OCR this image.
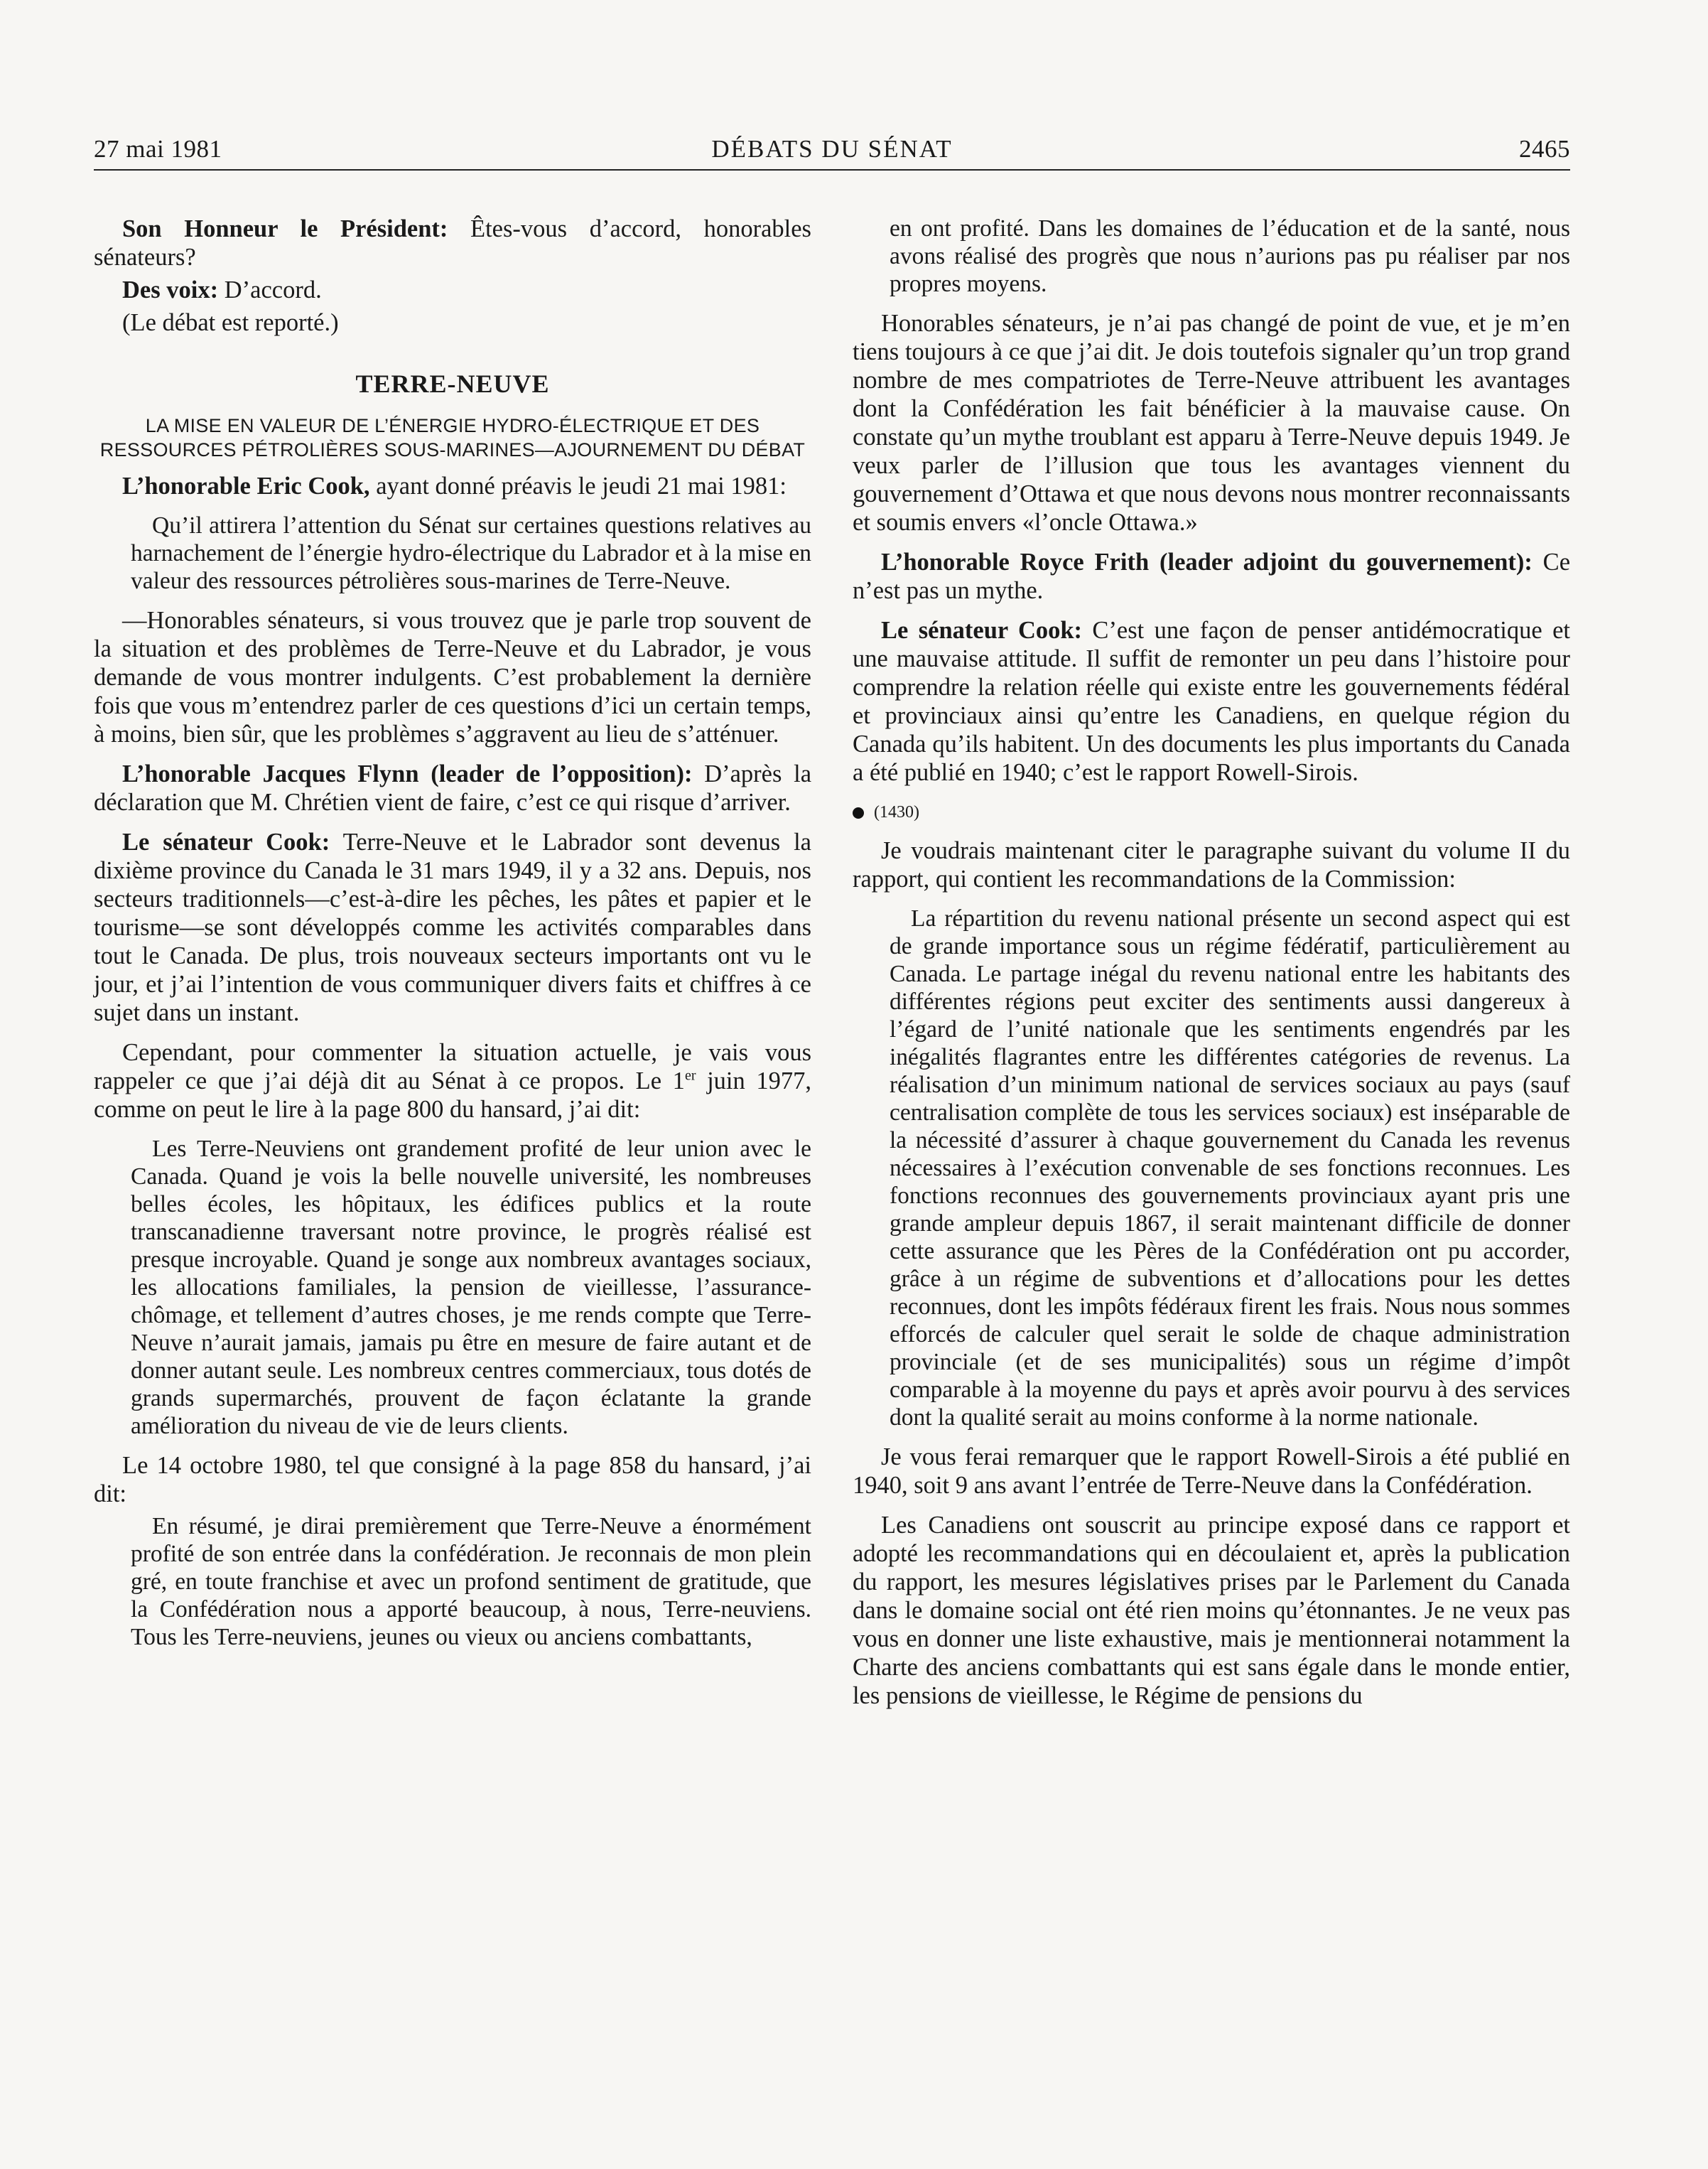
27 mai 1981	DÉBATS DU SÉNAT	2465

Son Honneur le Président: Êtes-vous d’accord, honorables sénateurs?

Des voix: D’accord.

(Le débat est reporté.)

TERRE-NEUVE
LA MISE EN VALEUR DE L’ÉNERGIE HYDRO-ÉLECTRIQUE ET DES RESSOURCES PÉTROLIÈRES SOUS-MARINES—AJOURNEMENT DU DÉBAT

L’honorable Eric Cook, ayant donné préavis le jeudi 21 mai 1981:

Qu’il attirera l’attention du Sénat sur certaines questions relatives au harnachement de l’énergie hydro-électrique du Labrador et à la mise en valeur des ressources pétrolières sous-marines de Terre-Neuve.

—Honorables sénateurs, si vous trouvez que je parle trop souvent de la situation et des problèmes de Terre-Neuve et du Labrador, je vous demande de vous montrer indulgents. C’est probablement la dernière fois que vous m’entendrez parler de ces questions d’ici un certain temps, à moins, bien sûr, que les problèmes s’aggravent au lieu de s’atténuer.

L’honorable Jacques Flynn (leader de l’opposition): D’après la déclaration que M. Chrétien vient de faire, c’est ce qui risque d’arriver.

Le sénateur Cook: Terre-Neuve et le Labrador sont devenus la dixième province du Canada le 31 mars 1949, il y a 32 ans. Depuis, nos secteurs traditionnels—c’est-à-dire les pêches, les pâtes et papier et le tourisme—se sont développés comme les activités comparables dans tout le Canada. De plus, trois nouveaux secteurs importants ont vu le jour, et j’ai l’intention de vous communiquer divers faits et chiffres à ce sujet dans un instant.

Cependant, pour commenter la situation actuelle, je vais vous rappeler ce que j’ai déjà dit au Sénat à ce propos. Le 1er juin 1977, comme on peut le lire à la page 800 du hansard, j’ai dit:

Les Terre-Neuviens ont grandement profité de leur union avec le Canada. Quand je vois la belle nouvelle université, les nombreuses belles écoles, les hôpitaux, les édifices publics et la route transcanadienne traversant notre province, le progrès réalisé est presque incroyable. Quand je songe aux nombreux avantages sociaux, les allocations familiales, la pension de vieillesse, l’assurance-chômage, et tellement d’autres choses, je me rends compte que Terre-Neuve n’aurait jamais, jamais pu être en mesure de faire autant et de donner autant seule. Les nombreux centres commerciaux, tous dotés de grands supermarchés, prouvent de façon éclatante la grande amélioration du niveau de vie de leurs clients.

Le 14 octobre 1980, tel que consigné à la page 858 du hansard, j’ai dit:

En résumé, je dirai premièrement que Terre-Neuve a énormément profité de son entrée dans la confédération. Je reconnais de mon plein gré, en toute franchise et avec un profond sentiment de gratitude, que la Confédération nous a apporté beaucoup, à nous, Terre-neuviens. Tous les Terre-neuviens, jeunes ou vieux ou anciens combattants,
en ont profité. Dans les domaines de l’éducation et de la santé, nous avons réalisé des progrès que nous n’aurions pas pu réaliser par nos propres moyens.

Honorables sénateurs, je n’ai pas changé de point de vue, et je m’en tiens toujours à ce que j’ai dit. Je dois toutefois signaler qu’un trop grand nombre de mes compatriotes de Terre-Neuve attribuent les avantages dont la Confédération les fait bénéficier à la mauvaise cause. On constate qu’un mythe troublant est apparu à Terre-Neuve depuis 1949. Je veux parler de l’illusion que tous les avantages viennent du gouvernement d’Ottawa et que nous devons nous montrer reconnaissants et soumis envers «l’oncle Ottawa.»

L’honorable Royce Frith (leader adjoint du gouvernement): Ce n’est pas un mythe.

Le sénateur Cook: C’est une façon de penser antidémocratique et une mauvaise attitude. Il suffit de remonter un peu dans l’histoire pour comprendre la relation réelle qui existe entre les gouvernements fédéral et provinciaux ainsi qu’entre les Canadiens, en quelque région du Canada qu’ils habitent. Un des documents les plus importants du Canada a été publié en 1940; c’est le rapport Rowell-Sirois.

(1430)

Je voudrais maintenant citer le paragraphe suivant du volume II du rapport, qui contient les recommandations de la Commission:

La répartition du revenu national présente un second aspect qui est de grande importance sous un régime fédératif, particulièrement au Canada. Le partage inégal du revenu national entre les habitants des différentes régions peut exciter des sentiments aussi dangereux à l’égard de l’unité nationale que les sentiments engendrés par les inégalités flagrantes entre les différentes catégories de revenus. La réalisation d’un minimum national de services sociaux au pays (sauf centralisation complète de tous les services sociaux) est inséparable de la nécessité d’assurer à chaque gouvernement du Canada les revenus nécessaires à l’exécution convenable de ses fonctions reconnues. Les fonctions reconnues des gouvernements provinciaux ayant pris une grande ampleur depuis 1867, il serait maintenant difficile de donner cette assurance que les Pères de la Confédération ont pu accorder, grâce à un régime de subventions et d’allocations pour les dettes reconnues, dont les impôts fédéraux firent les frais. Nous nous sommes efforcés de calculer quel serait le solde de chaque administration provinciale (et de ses municipalités) sous un régime d’impôt comparable à la moyenne du pays et après avoir pourvu à des services dont la qualité serait au moins conforme à la norme nationale.

Je vous ferai remarquer que le rapport Rowell-Sirois a été publié en 1940, soit 9 ans avant l’entrée de Terre-Neuve dans la Confédération.

Les Canadiens ont souscrit au principe exposé dans ce rapport et adopté les recommandations qui en découlaient et, après la publication du rapport, les mesures législatives prises par le Parlement du Canada dans le domaine social ont été rien moins qu’étonnantes. Je ne veux pas vous en donner une liste exhaustive, mais je mentionnerai notamment la Charte des anciens combattants qui est sans égale dans le monde entier, les pensions de vieillesse, le Régime de pensions du
